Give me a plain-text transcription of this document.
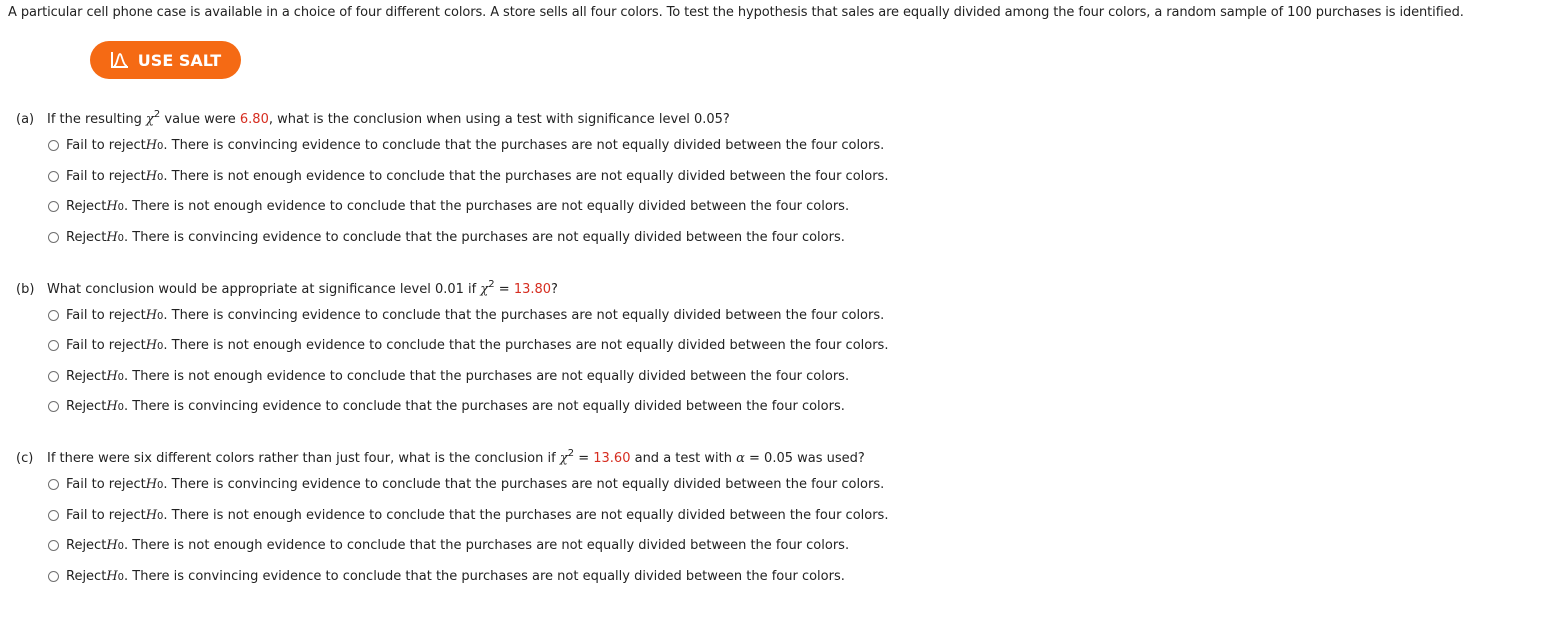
A particular cell phone case is available in a choice of four different colors. A store sells all four colors. To test the hypothesis that sales are equally divided among the four colors, a random sample of 100 purchases is identified.
USE SALT
(a) If the resulting $\chi^2$ value were 6.80, what is the conclusion when using a test with significance level 0.05?
Fail to reject $H_0$ . There is convincing evidence to conclude that the purchases are not equally divided between the four colors.
Fail to reject $H_0$ . There is not enough evidence to conclude that the purchases are not equally divided between the four colors.
Reject $H_0$ . There is not enough evidence to conclude that the purchases are not equally divided between the four colors.
Reject $H_0$ . There is convincing evidence to conclude that the purchases are not equally divided between the four colors.
(b) What conclusion would be appropriate at significance level 0.01 if $\chi^2 = 13.80$?
Fail to reject $H_0$ . There is convincing evidence to conclude that the purchases are not equally divided between the four colors.
Fail to reject $H_0$ . There is not enough evidence to conclude that the purchases are not equally divided between the four colors.
Reject $H_0$ . There is not enough evidence to conclude that the purchases are not equally divided between the four colors.
Reject $H_0$ . There is convincing evidence to conclude that the purchases are not equally divided between the four colors.
(c) If there were six different colors rather than just four, what is the conclusion if $\chi^2 = 13.60$ and a test with α = 0.05 was used?
Fail to reject $H_0$ . There is convincing evidence to conclude that the purchases are not equally divided between the four colors.
Fail to reject $H_0$ . There is not enough evidence to conclude that the purchases are not equally divided between the four colors.
Reject $H_0$ . There is not enough evidence to conclude that the purchases are not equally divided between the four colors.
Reject $H_0$ . There is convincing evidence to conclude that the purchases are not equally divided between the four colors.
